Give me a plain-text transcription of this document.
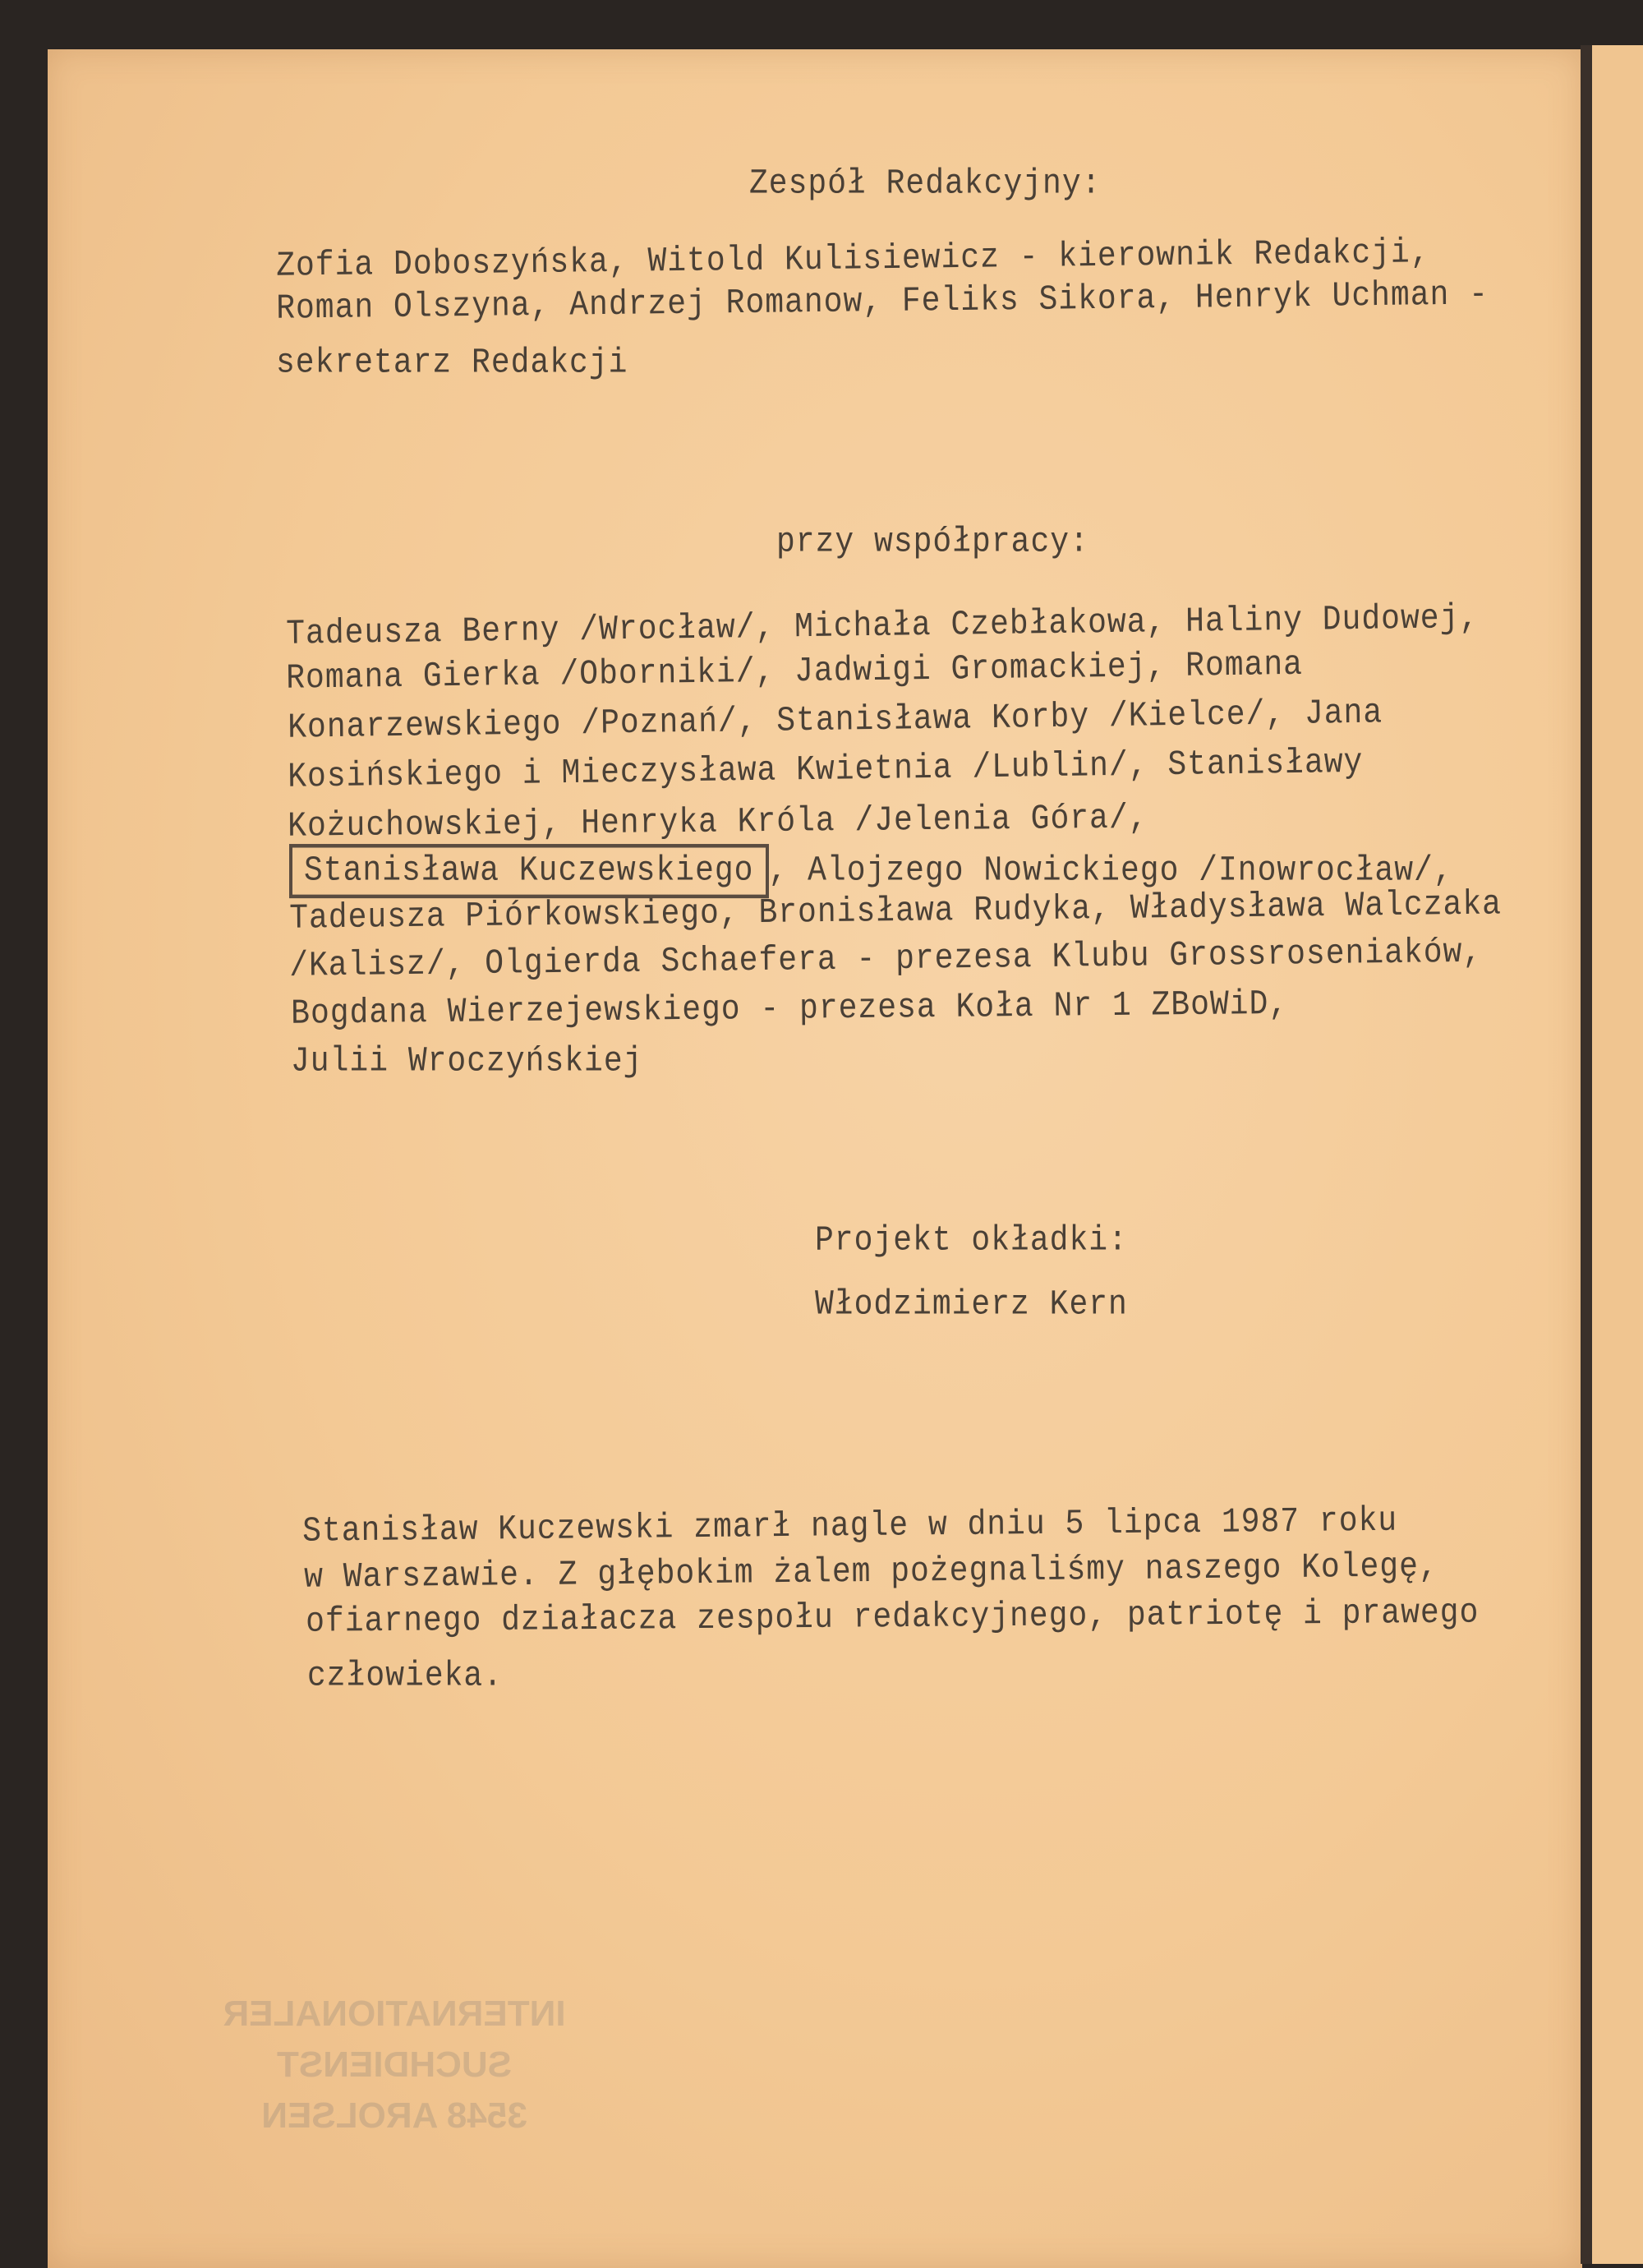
Zespół Redakcyjny:
Zofia Doboszyńska, Witold Kulisiewicz - kierownik Redakcji,
Roman Olszyna, Andrzej Romanow, Feliks Sikora, Henryk Uchman -
sekretarz Redakcji
przy współpracy:
Tadeusza Berny /Wrocław/, Michała Czebłakowa, Haliny Dudowej,
Romana Gierka /Oborniki/, Jadwigi Gromackiej, Romana
Konarzewskiego /Poznań/, Stanisława Korby /Kielce/, Jana
Kosińskiego i Mieczysława Kwietnia /Lublin/, Stanisławy
Kożuchowskiej, Henryka Króla /Jelenia Góra/,
Stanisława Kuczewskiego , Alojzego Nowickiego /Inowrocław/,
Tadeusza Piórkowskiego, Bronisława Rudyka, Władysława Walczaka
/Kalisz/, Olgierda Schaefera - prezesa Klubu Grossroseniaków,
Bogdana Wierzejewskiego - prezesa Koła Nr 1 ZBoWiD,
Julii Wroczyńskiej
Projekt okładki:
Włodzimierz Kern
Stanisław Kuczewski zmarł nagle w dniu 5 lipca 1987 roku
w Warszawie. Z głębokim żalem pożegnaliśmy naszego Kolegę,
ofiarnego działacza zespołu redakcyjnego, patriotę i prawego
człowieka.
INTERNATIONALER
SUCHDIENST
3548 AROLSEN
